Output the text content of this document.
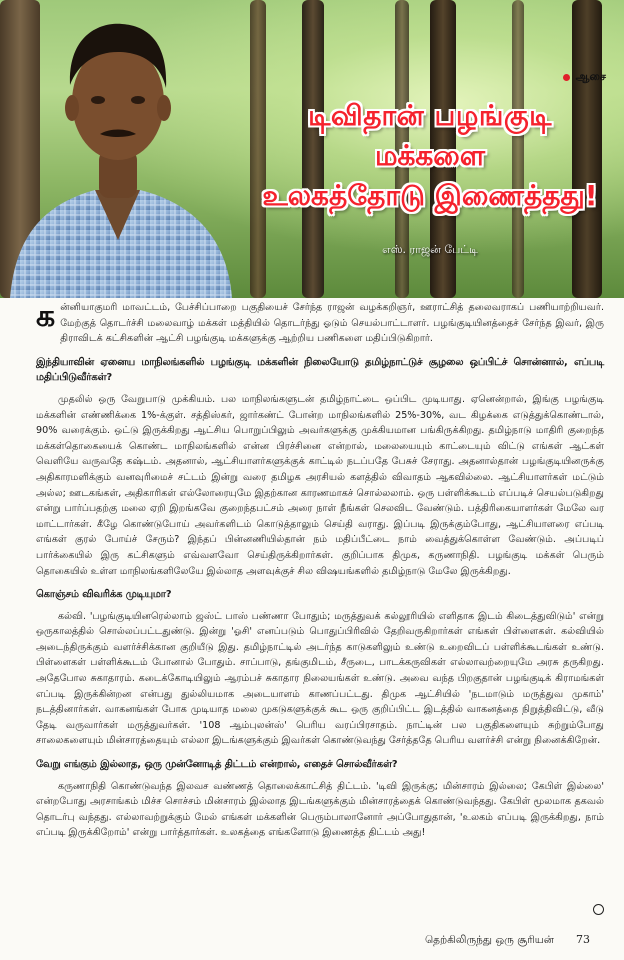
ஆசை
டிவிதான் பழங்குடி
மக்களை
உலகத்தோடு இணைத்தது!
எஸ். ராஜன் பேட்டி

கன்னியாகுமரி மாவட்டம், பேச்சிப்பாறை பகுதியைச் சேர்ந்த ராஜன் வழக்கறிஞர், ஊராட்சித் தலைவராகப் பணியாற்றியவர். மேற்குத் தொடர்ச்சி மலைவாழ் மக்கள் மத்தியில் தொடர்ந்து ஓடும் செயல்பாட்டாளர். பழங்குடியினத்தைச் சேர்ந்த இவர், இரு திராவிடக் கட்சிகளின் ஆட்சி பழங்குடி மக்களுக்கு ஆற்றிய பணிகளை மதிப்பிடுகிறார்.

இந்தியாவின் ஏனைய மாநிலங்களில் பழங்குடி மக்களின் நிலையோடு தமிழ்நாட்டுச் சூழலை ஒப்பிட்ச் சொன்னால், எப்படி மதிப்பிடுவீர்கள்?

முதலில் ஒரு வேறுபாடு முக்கியம். பல மாநிலங்களுடன் தமிழ்நாட்டை ஒப்பிட முடியாது. ஏனென்றால், இங்கு பழங்குடி மக்களின் எண்ணிக்கை 1%-க்குள். சத்திஸ்கர், ஜார்கண்ட் போன்ற மாநிலங்களில் 25%-30%, வட கிழக்கை எடுத்துக்கொண்டால், 90% வரைக்கும். ஒட்டு இருக்கிறது ஆட்சிய பொறுப்பிலும் அவர்களுக்கு முக்கியமான பங்கிருக்கிறது. தமிழ்நாடு மாதிரி குறைந்த மக்கள்தொகையைக் கொண்ட மாநிலங்களில் என்ன பிரச்சினை என்றால், மலையையும் காட்டையும் விட்டு எங்கள் ஆட்கள் வெளியே வருவதே கஷ்டம். அதனால், ஆட்சியாளர்களுக்குக் காட்டில் நடப்பதே பேசுச் சேராது. அதனால்தான் பழங்குடியினருக்கு அதிகாரமளிக்கும் வனவுரிமைச் சட்டம் இன்று வரை தமிழக அரசியல் களத்தில் விவாதம் ஆகவில்லை. ஆட்சியாளர்கள் மட்டும் அல்ல; ஊடகங்கள், அதிகாரிகள் எல்லோரையுமே இதற்கான காரணமாகச் சொல்லலாம். ஒரு பள்ளிக்கூடம் எப்படிச் செயல்படுகிறது என்று பார்ப்பதற்கு மலை ஏறி இறங்கவே குறைந்தபட்சம் அரை நாள் நீங்கள் செலவிட வேண்டும். பத்திரிகையாளர்கள் மேலே வர மாட்டார்கள். கீழே கொண்டுபோய் அவர்களிடம் கொடுத்தாலும் செய்தி வராது. இப்படி இருக்கும்போது, ஆட்சியாளரை எப்படி எங்கள் குரல் போய்ச் சேரும்? இந்தப் பின்னணியில்தான் நம் மதிப்பீட்டை நாம் வைத்துக்கொள்ள வேண்டும். அப்படிப் பார்க்கையில் இரு கட்சிகளும் எவ்வளவோ செய்திருக்கிறார்கள். குறிப்பாக திமுக, கருணாநிதி. பழங்குடி மக்கள் பெரும் தொகையில் உள்ள மாநிலங்களிலேயே இல்லாத அளவுக்குச் சில விஷயங்களில் தமிழ்நாடு மேலே இருக்கிறது.

கொஞ்சம் விவரிக்க முடியுமா?

கல்வி. 'பழங்குடியினரெல்லாம் ஜஸ்ட் பாஸ் பண்ணா போதும்; மருத்துவக் கல்லூரியில் எளிதாக இடம் கிடைத்துவிடும்' என்று ஒருகாலத்தில் சொல்லப்பட்டதுண்டு. இன்று 'ஓசி' எனப்படும் பொதுப்பிரிவில் தேறிவருகிறார்கள் எங்கள் பிள்ளைகள். கல்வியில் அடைந்திருக்கும் வளர்ச்சிக்கான குறியீடு இது. தமிழ்நாட்டில் அடர்ந்த காடுகளிலும் உண்டு உறைவிடப் பள்ளிக்கூடங்கள் உண்டு. பிள்ளைகள் பள்ளிக்கூடம் போனால் போதும். சாப்பாடு, தங்குமிடம், சீருடை, பாடக்கருவிகள் எல்லாவற்றையுமே அரசு தருகிறது. அதேபோல சுகாதாரம். கடைக்கோடியிலும் ஆரம்பச் சுகாதார நிலையங்கள் உண்டு. அவை வந்த பிறகுதான் பழங்குடிக் கிராமங்கள் எப்படி இருக்கின்றன என்பது துல்லியமாக அடையாளம் காணப்பட்டது. திமுக ஆட்சியில் 'நடமாடும் மருத்துவ முகாம்' நடத்தினார்கள். வாகனங்கள் போக முடியாத மலை முகடுகளுக்குக் கூட ஒரு குறிப்பிட்ட இடத்தில் வாகனத்தை நிறுத்திவிட்டு, வீடு தேடி வருவார்கள் மருத்துவர்கள். '108 ஆம்புலன்ஸ்' பெரிய வரப்பிரசாதம். நாட்டின் பல பகுதிகளையும் சுற்றும்போது சாலைகளையும் மின்சாரத்தையும் எல்லா இடங்களுக்கும் இவர்கள் கொண்டுவந்து சேர்த்ததே பெரிய வளர்ச்சி என்று நினைக்கிறேன்.

வேறு எங்கும் இல்லாத, ஒரு முன்னோடித் திட்டம் என்றால், எதைச் சொல்வீர்கள்?

கருணாநிதி கொண்டுவந்த இலவச வண்ணத் தொலைக்காட்சித் திட்டம். 'டிவி இருக்கு; மின்சாரம் இல்லை; கேபிள் இல்லை' என்றபோது அரசாங்கம் மிச்ச சொச்சம் மின்சாரம் இல்லாத இடங்களுக்கும் மின்சாரத்தைக் கொண்டுவந்தது. கேபிள் மூலமாக தகவல் தொடர்பு வந்தது. எல்லாவற்றுக்கும் மேல் எங்கள் மக்களின் பெரும்பாலானோர் அப்போதுதான், 'உலகம் எப்படி இருக்கிறது, நாம் எப்படி இருக்கிறோம்' என்று பார்த்தார்கள். உலகத்தை எங்களோடு இணைத்த திட்டம் அது!

தெற்கிலிருந்து ஒரு சூரியன் 73
